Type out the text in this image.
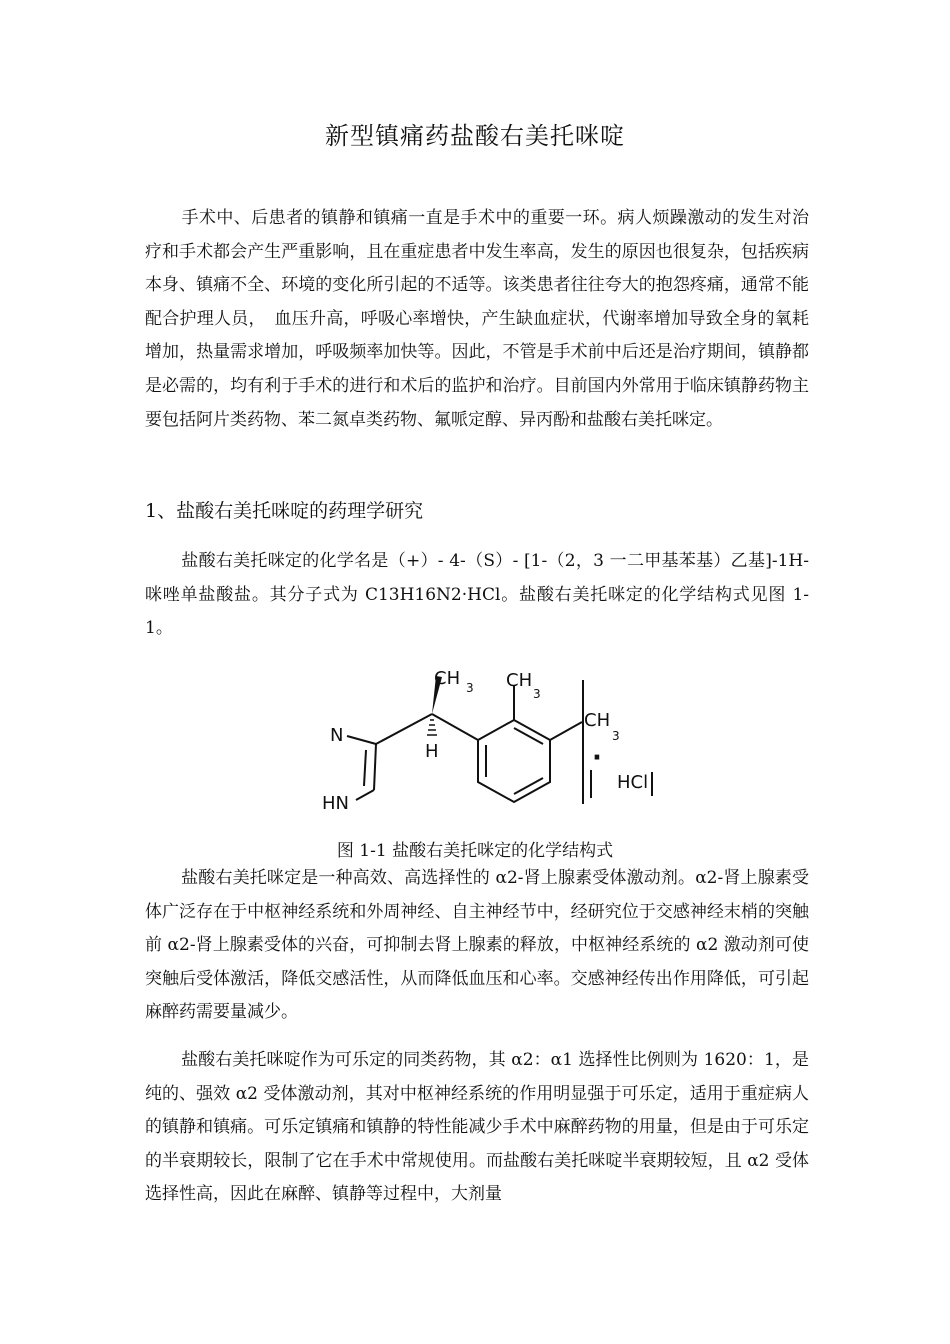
新型镇痛药盐酸右美托咪啶

手术中、后患者的镇静和镇痛一直是手术中的重要一环。病人烦躁激动的发生对治疗和手术都会产生严重影响，且在重症患者中发生率高，发生的原因也很复杂，包括疾病本身、镇痛不全、环境的变化所引起的不适等。该类患者往往夸大的抱怨疼痛，通常不能配合护理人员，　血压升高，呼吸心率增快，产生缺血症状，代谢率增加导致全身的氧耗增加，热量需求增加，呼吸频率加快等。因此，不管是手术前中后还是治疗期间，镇静都是必需的，均有利于手术的进行和术后的监护和治疗。目前国内外常用于临床镇静药物主要包括阿片类药物、苯二氮卓类药物、氟哌定醇、异丙酚和盐酸右美托咪定。

1、盐酸右美托咪啶的药理学研究

盐酸右美托咪定的化学名是（+）- 4-（S）- [1-（2，3 一二甲基苯基）乙基]-1H- 咪唑单盐酸盐。其分子式为 C13H16N2·HCl。盐酸右美托咪定的化学结构式见图 1-1。

CH 3 CH
3
CH
3
N
HN
H	·
HCl
图 1-1 盐酸右美托咪定的化学结构式

盐酸右美托咪定是一种高效、高选择性的 α2-肾上腺素受体激动剂。α2-肾上腺素受体广泛存在于中枢神经系统和外周神经、自主神经节中，经研究位于交感神经末梢的突触前 α2-肾上腺素受体的兴奋，可抑制去肾上腺素的释放，中枢神经系统的 α2 激动剂可使突触后受体激活，降低交感活性，从而降低血压和心率。交感神经传出作用降低，可引起麻醉药需要量减少。

盐酸右美托咪啶作为可乐定的同类药物，其 α2：α1 选择性比例则为 1620：1，是纯的、强效 α2 受体激动剂，其对中枢神经系统的作用明显强于可乐定，适用于重症病人的镇静和镇痛。可乐定镇痛和镇静的特性能减少手术中麻醉药物的用量，但是由于可乐定的半衰期较长，限制了它在手术中常规使用。而盐酸右美托咪啶半衰期较短，且 α2 受体选择性高，因此在麻醉、镇静等过程中，大剂量
